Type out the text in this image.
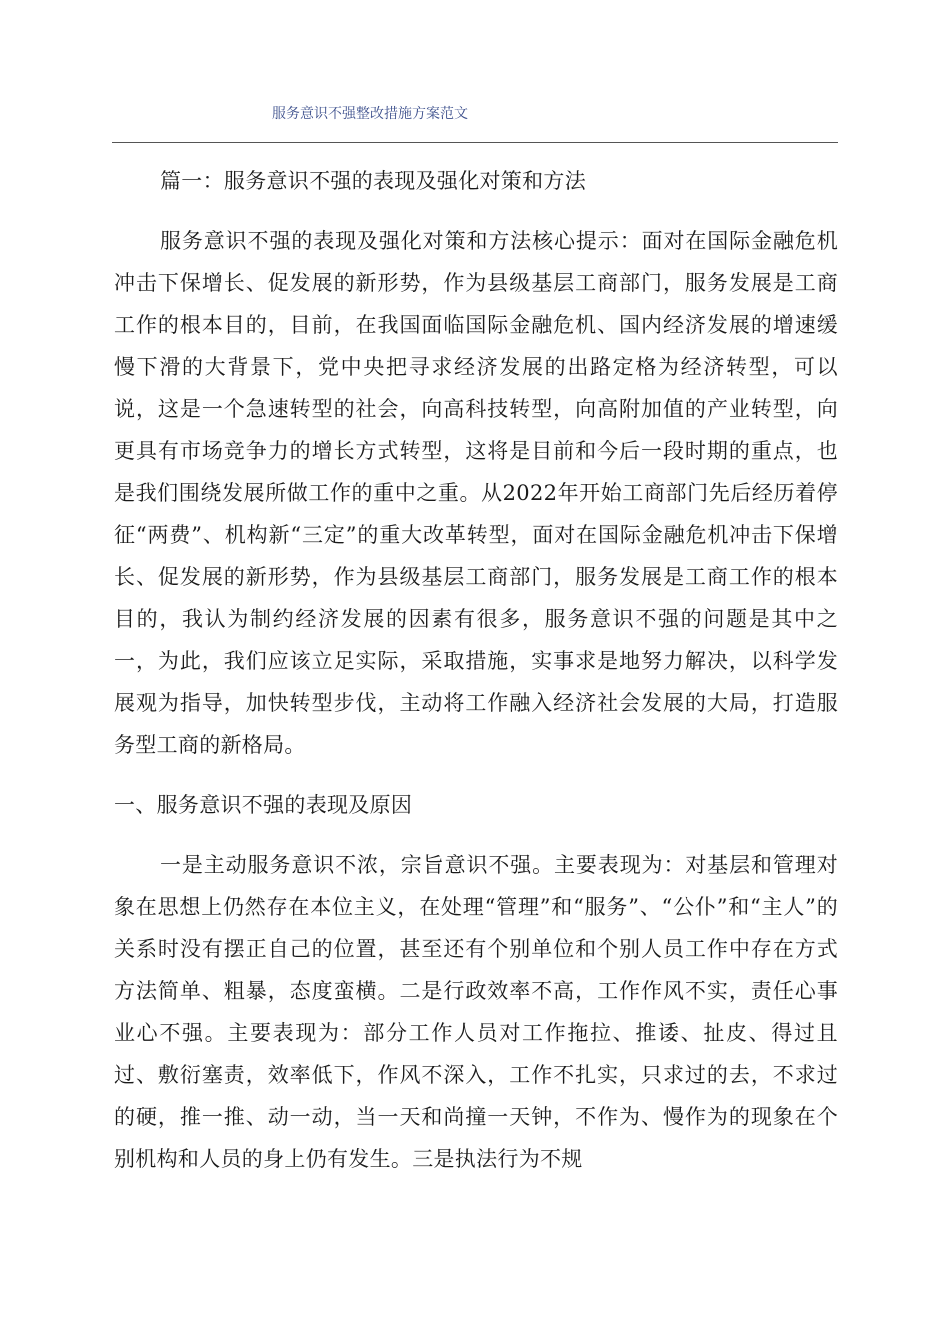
服务意识不强整改措施方案范文
篇一：服务意识不强的表现及强化对策和方法

服务意识不强的表现及强化对策和方法核心提示：面对在国际金融危机冲击下保增长、促发展的新形势，作为县级基层工商部门，服务发展是工商工作的根本目的，目前，在我国面临国际金融危机、国内经济发展的增速缓慢下滑的大背景下，党中央把寻求经济发展的出路定格为经济转型，可以说，这是一个急速转型的社会，向高科技转型，向高附加值的产业转型，向更具有市场竞争力的增长方式转型，这将是目前和今后一段时期的重点，也是我们围绕发展所做工作的重中之重。从2022年开始工商部门先后经历着停征“两费”、机构新“三定”的重大改革转型，面对在国际金融危机冲击下保增长、促发展的新形势，作为县级基层工商部门，服务发展是工商工作的根本目的，我认为制约经济发展的因素有很多，服务意识不强的问题是其中之一，为此，我们应该立足实际，采取措施，实事求是地努力解决，以科学发展观为指导，加快转型步伐，主动将工作融入经济社会发展的大局，打造服务型工商的新格局。

一、服务意识不强的表现及原因

一是主动服务意识不浓，宗旨意识不强。主要表现为：对基层和管理对象在思想上仍然存在本位主义，在处理“管理”和“服务”、“公仆”和“主人”的关系时没有摆正自己的位置，甚至还有个别单位和个别人员工作中存在方式方法简单、粗暴，态度蛮横。二是行政效率不高，工作作风不实，责任心事业心不强。主要表现为：部分工作人员对工作拖拉、推诿、扯皮、得过且过、敷衍塞责，效率低下，作风不深入，工作不扎实，只求过的去，不求过的硬，推一推、动一动，当一天和尚撞一天钟，不作为、慢作为的现象在个别机构和人员的身上仍有发生。三是执法行为不规
